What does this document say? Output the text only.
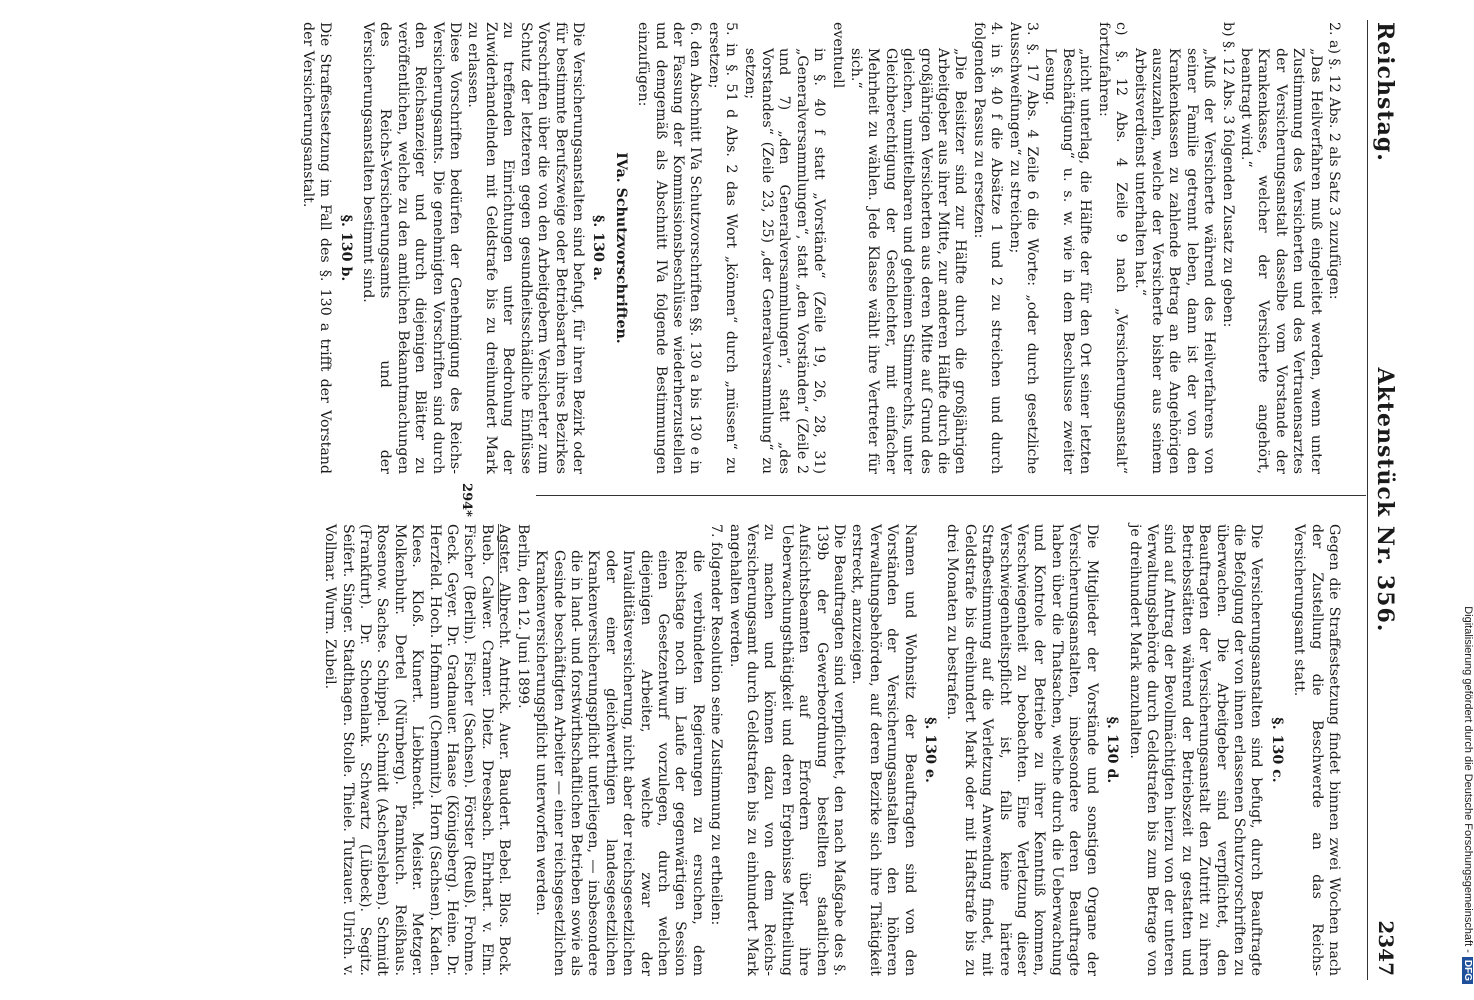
Digitalisierung gefördert durch die Deutsche Forschungsgemeinschaft -DFG
Reichstag.
Aktenstück Nr. 356.
2347

2. a) §. 12 Abs. 2 als Satz 3 zuzufügen:

„Das Heilverfahren muß eingeleitet werden, wenn unter Zustimmung des Versicherten und des Vertrauensarztes der Versicherungsanstalt dasselbe vom Vorstande der Krankenkasse, welcher der Versicherte angehört, beantragt wird.“

b) §. 12 Abs. 3 folgenden Zusatz zu geben:

„Muß der Versicherte während des Heilverfahrens von seiner Familie getrennt leben, dann ist der von den Krankenkassen zu zahlende Betrag an die Angehörigen auszuzahlen, welche der Versicherte bisher aus seinem Arbeitsverdienst unterhalten hat.“

c) §. 12 Abs. 4 Zeile 9 nach „Versicherungsanstalt“ fortzufahren:

„nicht unterlag, die Hälfte der für den Ort seiner letzten Beschäftigung“ u. s. w. wie in dem Beschlusse zweiter Lesung.

3. §. 17 Abs. 4 Zeile 6 die Worte: „oder durch gesetzliche Ausschweifungen“ zu streichen;

4. in §. 40 f die Absätze 1 und 2 zu streichen und durch folgenden Passus zu ersetzen:

„Die Beisitzer sind zur Hälfte durch die großjährigen Arbeitgeber aus ihrer Mitte, zur anderen Hälfte durch die großjährigen Versicherten aus deren Mitte auf Grund des gleichen, unmittelbaren und geheimen Stimmrechts, unter Gleichberechtigung der Geschlechter, mit einfacher Mehrheit zu wählen. Jede Klasse wählt ihre Vertreter für sich.“

eventuell

in §. 40 f statt „Vorstände“ (Zeile 19, 26, 28, 31) „Generalversammlungen“, statt „den Vorständen“ (Zeile 2 und 7) „den Generalversammlungen“, statt „des Vorstandes“ (Zeile 23, 25) „der Generalversammlung“ zu setzen;

5. in §. 51 d Abs. 2 das Wort „können“ durch „müssen“ zu ersetzen;

6. den Abschnitt IVa Schutzvorschriften §§. 130 a bis 130 e in der Fassung der Kommissionsbeschlüsse wiederherzustellen und demgemäß als Abschnitt IVa folgende Bestimmungen einzufügen:

IVa. Schutzvorschriften.

§. 130 a.

Die Versicherungsanstalten sind befugt, für ihren Bezirk oder für bestimmte Berufszweige oder Betriebsarten ihres Bezirkes Vorschriften über die von den Arbeitgebern Versicherter zum Schutz der letzteren gegen gesundheitsschädliche Einflüsse zu treffenden Einrichtungen unter Bedrohung der Zuwiderhandelnden mit Geldstrafe bis zu dreihundert Mark zu erlassen.

Diese Vorschriften bedürfen der Genehmigung des Reichs-Versicherungsamts. Die genehmigten Vorschriften sind durch den Reichsanzeiger und durch diejenigen Blätter zu veröffentlichen, welche zu den amtlichen Bekanntmachungen des Reichs-Versicherungsamts und der Versicherungsanstalten bestimmt sind.

§. 130 b.

Die Straffestsetzung im Fall des §. 130 a trifft der Vorstand der Versicherungsanstalt.

Gegen die Straffestsetzung findet binnen zwei Wochen nach der Zustellung die Beschwerde an das Reichs-Versicherungsamt statt.

§. 130 c.

Die Versicherungsanstalten sind befugt, durch Beauftragte die Befolgung der von ihnen erlassenen Schutzvorschriften zu überwachen. Die Arbeitgeber sind verpflichtet, den Beauftragten der Versicherungsanstalt den Zutritt zu ihren Betriebsstätten während der Betriebszeit zu gestatten und sind auf Antrag der Bevollmächtigten hierzu von der unteren Verwaltungsbehörde durch Geldstrafen bis zum Betrage von je dreihundert Mark anzuhalten.

§. 130 d.

Die Mitglieder der Vorstände und sonstigen Organe der Versicherungsanstalten, insbesondere deren Beauftragte haben über die Thatsachen, welche durch die Ueberwachung und Kontrole der Betriebe zu ihrer Kenntniß kommen, Verschwiegenheit zu beobachten. Eine Verletzung dieser Verschwiegenheitspflicht ist, falls keine härtere Strafbestimmung auf die Verletzung Anwendung findet, mit Geldstrafe bis dreihundert Mark oder mit Haftstrafe bis zu drei Monaten zu bestrafen.

§. 130 e.

Namen und Wohnsitz der Beauftragten sind von den Vorständen der Versicherungsanstalten den höheren Verwaltungsbehörden, auf deren Bezirke sich ihre Thätigkeit erstreckt, anzuzeigen.

Die Beauftragten sind verpflichtet, den nach Maßgabe des §. 139b der Gewerbeordnung bestellten staatlichen Aufsichtsbeamten auf Erfordern über ihre Ueberwachungsthätigkeit und deren Ergebnisse Mittheilung zu machen und können dazu von dem Reichs-Versicherungsamt durch Geldstrafen bis zu einhundert Mark angehalten werden.

7. folgender Resolution seine Zustimmung zu ertheilen:

die verbündeten Regierungen zu ersuchen, dem Reichstage noch im Laufe der gegenwärtigen Session einen Gesetzentwurf vorzulegen, durch welchen diejenigen Arbeiter, welche zwar der Invaliditätsversicherung, nicht aber der reichsgesetzlichen oder einer gleichwerthigen landesgesetzlichen Krankenversicherungspflicht unterliegen, — insbesondere die in land- und forstwirthschaftlichen Betrieben sowie als Gesinde beschäftigten Arbeiter — einer reichsgesetzlichen Krankenversicherungspflicht unterworfen werden.

Berlin, den 12. Juni 1899.

Agster. Albrecht. Antrick. Auer. Baudert. Bebel. Blos. Bock. Bueb. Calwer. Cramer. Dietz. Dreesbach. Ehrhart. v. Elm. Fischer (Berlin). Fischer (Sachsen). Förster (Reuß). Frohme. Geck. Geyer. Dr. Gradnauer. Haase (Königsberg). Heine. Dr. Herzfeld. Hoch. Hofmann (Chemnitz). Horn (Sachsen). Kaden. Klees. Kloß. Kunert. Liebknecht. Meister. Metzger. Molkenbuhr. Dertel (Nürnberg). Pfannkuch. Reißhaus. Rosenow. Sachse. Schippel. Schmidt (Aschersleben). Schmidt (Frankfurt). Dr. Schoenlank. Schwartz (Lübeck). Segitz. Seifert. Singer. Stadthagen. Stolle. Thiele. Tutzauer. Ulrich. v. Vollmar. Wurm. Zubeil.

294*
